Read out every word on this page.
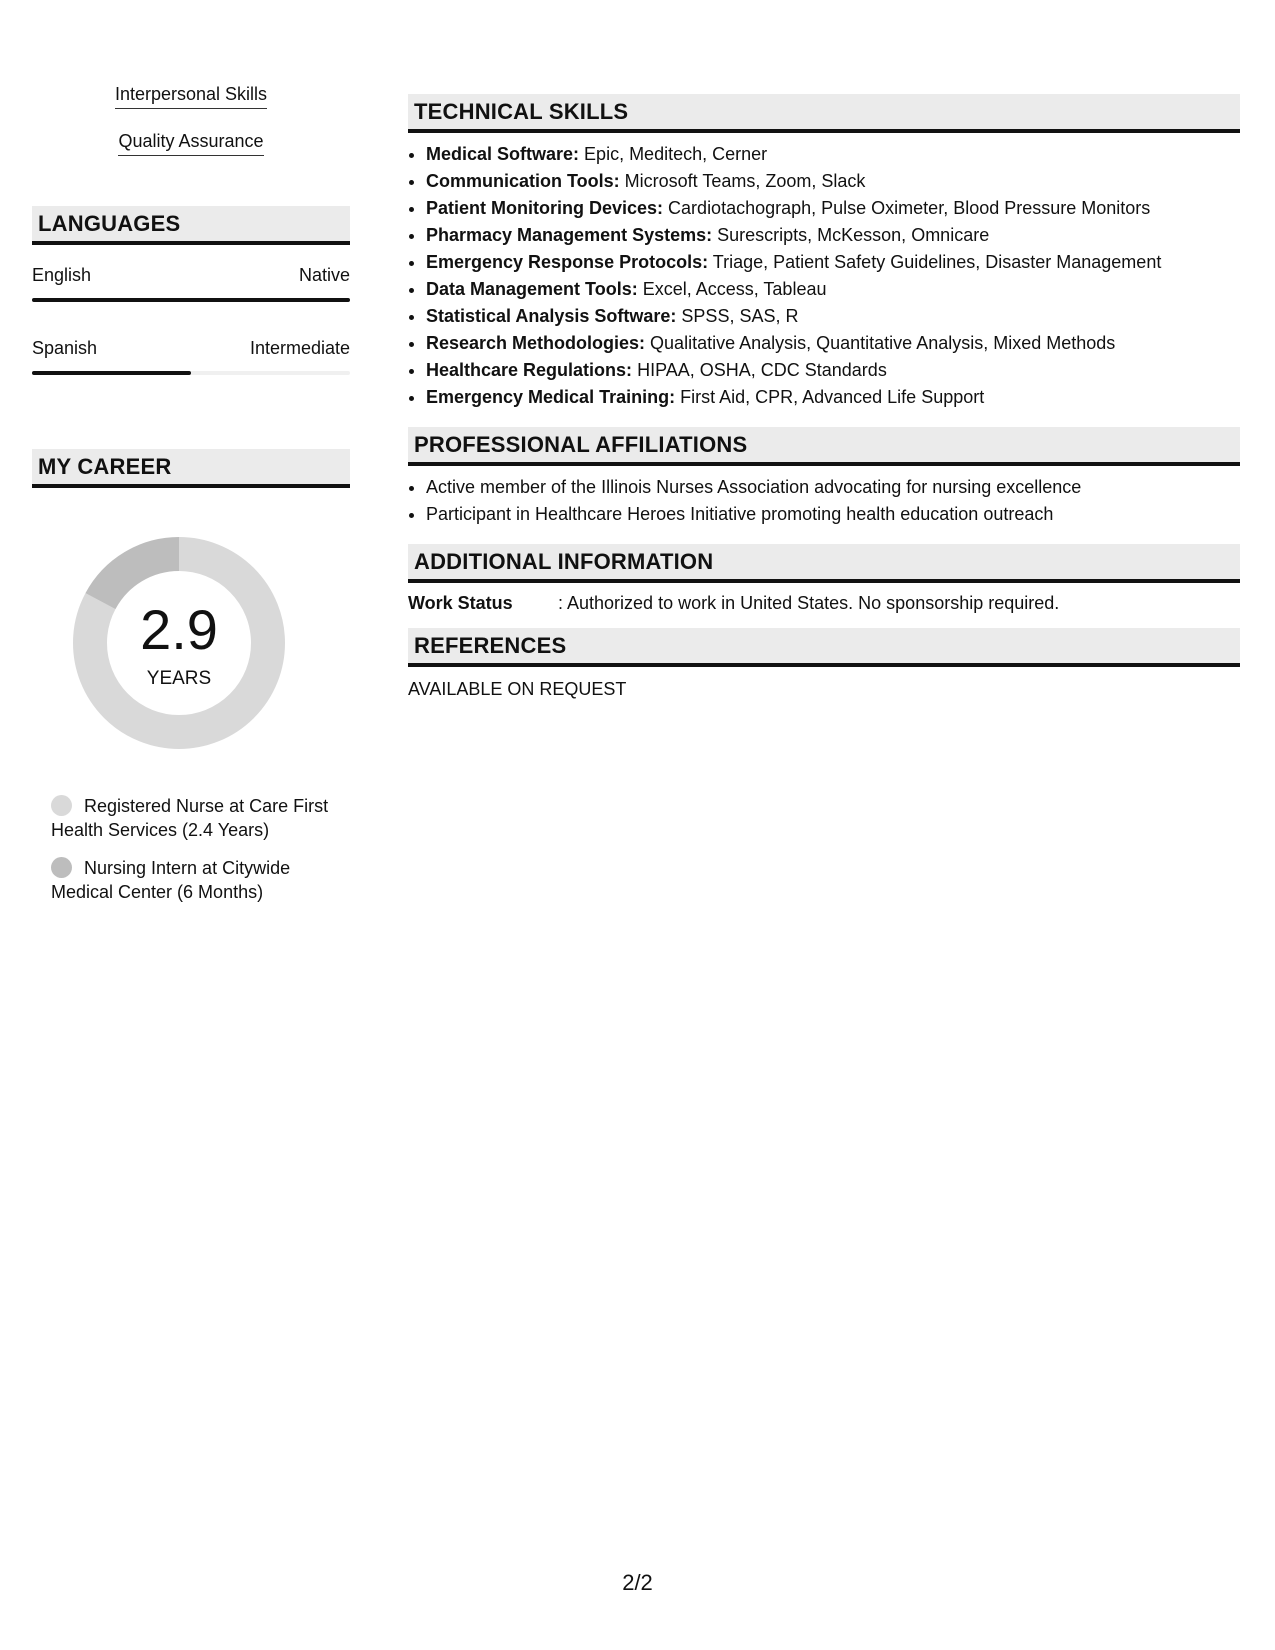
Interpersonal Skills
Quality Assurance
LANGUAGES
English	Native
Spanish	Intermediate
MY CAREER
2.9
YEARS
Registered Nurse at Care First Health Services (2.4 Years)
Nursing Intern at Citywide Medical Center (6 Months)
TECHNICAL SKILLS
• Medical Software: Epic, Meditech, Cerner
• Communication Tools: Microsoft Teams, Zoom, Slack
• Patient Monitoring Devices: Cardiotachograph, Pulse Oximeter, Blood Pressure Monitors
• Pharmacy Management Systems: Surescripts, McKesson, Omnicare
• Emergency Response Protocols: Triage, Patient Safety Guidelines, Disaster Management
• Data Management Tools: Excel, Access, Tableau
• Statistical Analysis Software: SPSS, SAS, R
• Research Methodologies: Qualitative Analysis, Quantitative Analysis, Mixed Methods
• Healthcare Regulations: HIPAA, OSHA, CDC Standards
• Emergency Medical Training: First Aid, CPR, Advanced Life Support
PROFESSIONAL AFFILIATIONS
• Active member of the Illinois Nurses Association advocating for nursing excellence
• Participant in Healthcare Heroes Initiative promoting health education outreach
ADDITIONAL INFORMATION
Work Status	: Authorized to work in United States. No sponsorship required.
REFERENCES
AVAILABLE ON REQUEST
2/2
